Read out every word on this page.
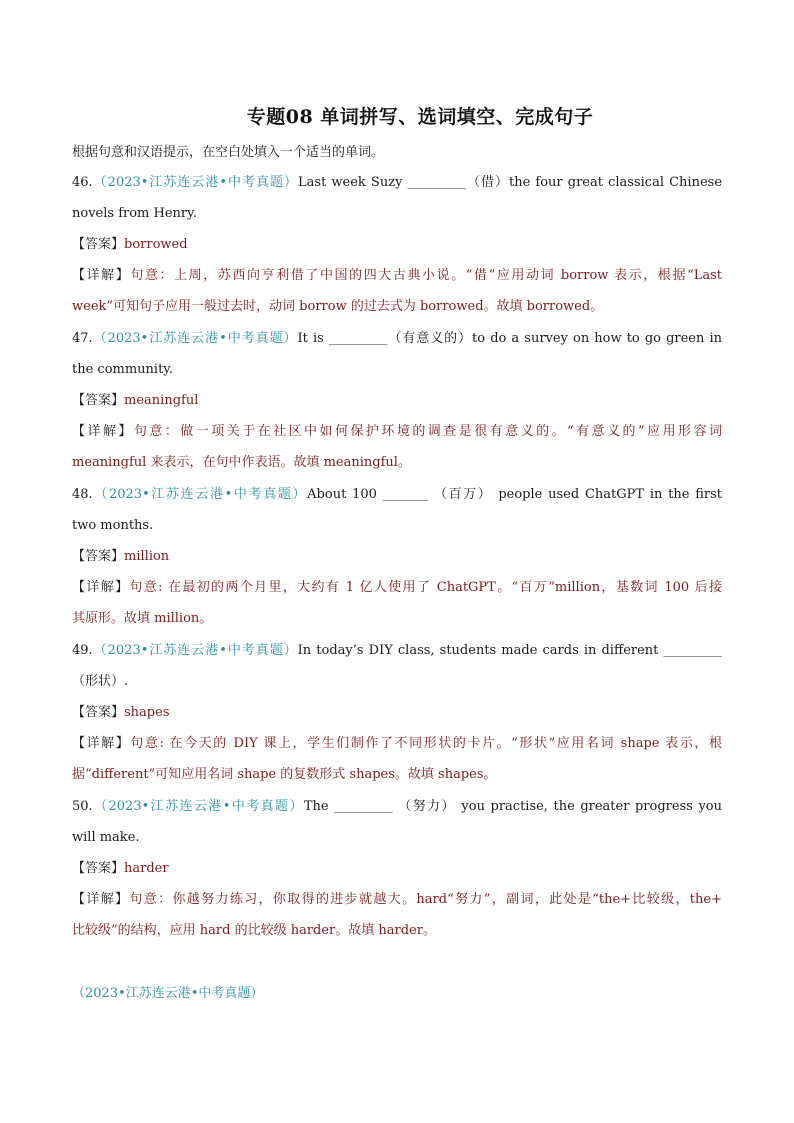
专题08 单词拼写、选词填空、完成句子
根据句意和汉语提示，在空白处填入一个适当的单词。
46.（2023•江苏连云港•中考真题）Last week Suzy _________（借）the four great classical Chinese
novels from Henry.
【答案】borrowed
【详解】句意：上周，苏西向亨利借了中国的四大古典小说。“借”应用动词 borrow 表示，根据“Last
week”可知句子应用一般过去时，动词 borrow 的过去式为 borrowed。故填 borrowed。
47.（2023•江苏连云港•中考真题）It is _________（有意义的）to do a survey on how to go green in
the community.
【答案】meaningful
【详解】句意：做一项关于在社区中如何保护环境的调查是很有意义的。“有意义的”应用形容词
meaningful 来表示，在句中作表语。故填 meaningful。
48.（2023•江苏连云港•中考真题）About 100 _______ （百万） people used ChatGPT in the first
two months.
【答案】million
【详解】句意: 在最初的两个月里，大约有 1 亿人使用了 ChatGPT。“百万”million，基数词 100 后接
其原形。故填 million。
49.（2023•江苏连云港•中考真题）In today’s DIY class, students made cards in different _________
（形状）.
【答案】shapes
【详解】句意: 在今天的 DIY 课上，学生们制作了不同形状的卡片。“形状”应用名词 shape 表示，根
据“different”可知应用名词 shape 的复数形式 shapes。故填 shapes。
50.（2023•江苏连云港•中考真题）The _________ （努力） you practise, the greater progress you
will make.
【答案】harder
【详解】句意：你越努力练习，你取得的进步就越大。hard“努力”，副词，此处是“the+比较级，the+
比较级”的结构，应用 hard 的比较级 harder。故填 harder。
（2023•江苏连云港•中考真题）
